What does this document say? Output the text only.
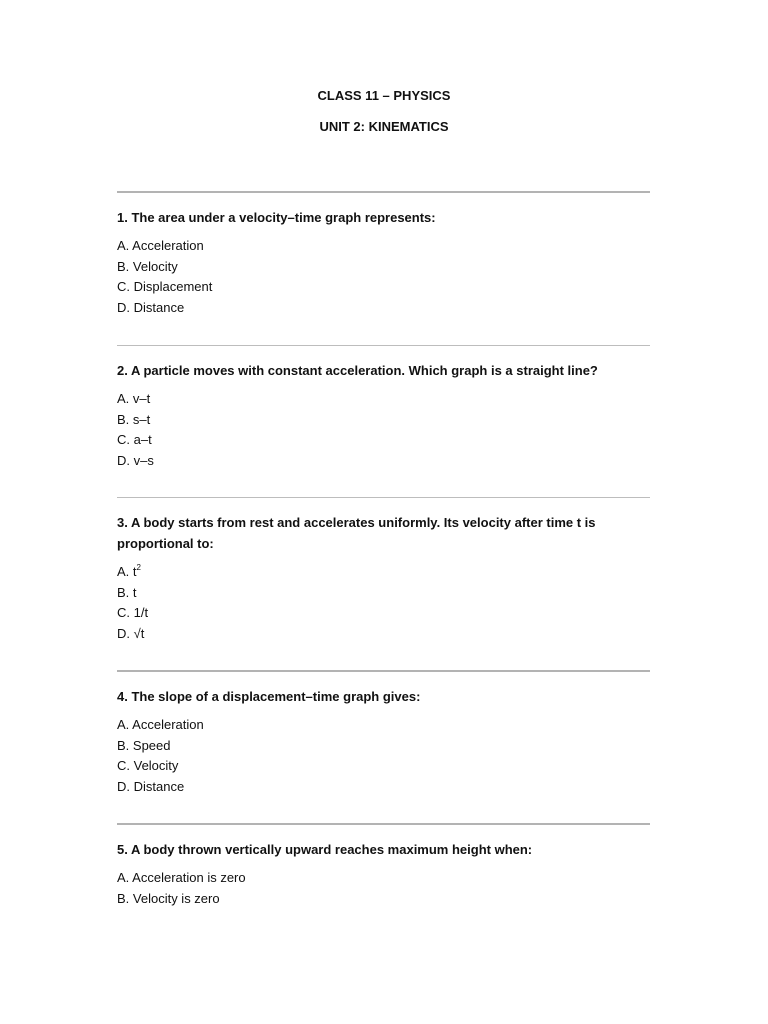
CLASS 11 – PHYSICS
UNIT 2: KINEMATICS

1. The area under a velocity–time graph represents:

A. Acceleration

B. Velocity

C. Displacement

D. Distance

2. A particle moves with constant acceleration. Which graph is a straight line?

A. v–t

B. s–t

C. a–t

D. v–s

3. A body starts from rest and accelerates uniformly. Its velocity after time t is proportional to:

A. $t^2$

B. t

C. 1/t

D. √t

4. The slope of a displacement–time graph gives:

A. Acceleration

B. Speed

C. Velocity

D. Distance

5. A body thrown vertically upward reaches maximum height when:

A. Acceleration is zero

B. Velocity is zero
